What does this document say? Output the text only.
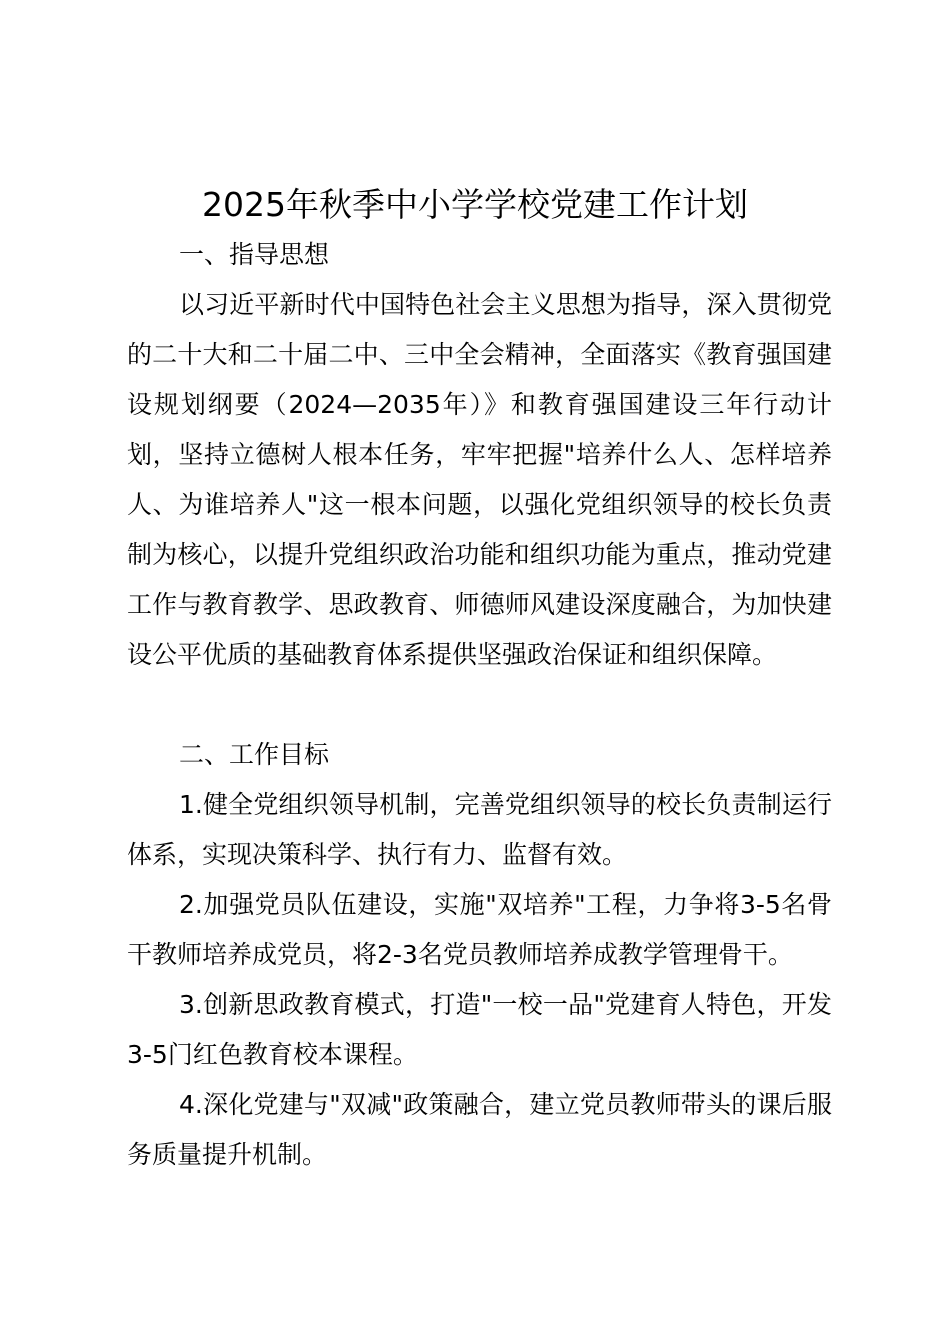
2025年秋季中小学学校党建工作计划

一、指导思想

以习近平新时代中国特色社会主义思想为指导，深入贯彻党的二十大和二十届二中、三中全会精神，全面落实《教育强国建设规划纲要（2024—2035年）》和教育强国建设三年行动计划，坚持立德树人根本任务，牢牢把握"培养什么人、怎样培养人、为谁培养人"这一根本问题，以强化党组织领导的校长负责制为核心，以提升党组织政治功能和组织功能为重点，推动党建工作与教育教学、思政教育、师德师风建设深度融合，为加快建设公平优质的基础教育体系提供坚强政治保证和组织保障。

二、工作目标

1.健全党组织领导机制，完善党组织领导的校长负责制运行体系，实现决策科学、执行有力、监督有效。

2.加强党员队伍建设，实施"双培养"工程，力争将3-5名骨干教师培养成党员，将2-3名党员教师培养成教学管理骨干。

3.创新思政教育模式，打造"一校一品"党建育人特色，开发3-5门红色教育校本课程。

4.深化党建与"双减"政策融合，建立党员教师带头的课后服务质量提升机制。
